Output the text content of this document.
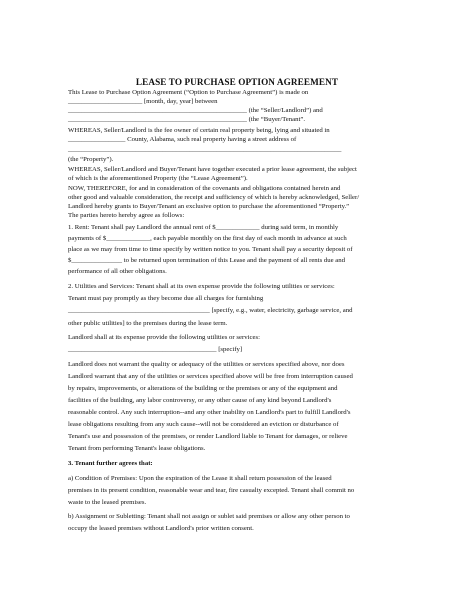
LEASE TO PURCHASE OPTION AGREEMENT
This Lease to Purchase Option Agreement (“Option to Purchase Agreement”) is made on
______________________ [month, day, year] between
_____________________________________________________ (the “Seller/Landlord”) and
_____________________________________________________ (the “Buyer/Tenant”.
WHEREAS, Seller/Landlord is the fee owner of certain real property being, lying and situated in
_________________ County, Alabama, such real property having a street address of
_________________________________________________________________________________
(the “Property”).
WHEREAS, Seller/Landlord and Buyer/Tenant have together executed a prior lease agreement, the subject
of which is the aforementioned Property (the “Lease Agreement”).
NOW, THEREFORE, for and in consideration of the covenants and obligations contained herein and
other good and valuable consideration, the receipt and sufficiency of which is hereby acknowledged, Seller/
Landlord hereby grants to Buyer/Tenant an exclusive option to purchase the aforementioned “Property.”
The parties hereto hereby agree as follows:
1. Rent: Tenant shall pay Landlord the annual rent of $_____________ during said term, in monthly
payments of $_____________, each payable monthly on the first day of each month in advance at such
place as we may from time to time specify by written notice to you. Tenant shall pay a security deposit of
$_______________ to be returned upon termination of this Lease and the payment of all rents due and
performance of all other obligations.
2. Utilities and Services: Tenant shall at its own expense provide the following utilities or services:
Tenant must pay promptly as they become due all charges for furnishing
__________________________________________ [specify, e.g., water, electricity, garbage service, and
other public utilities] to the premises during the lease term.
Landlord shall at its expense provide the following utilities or services:
____________________________________________ [specify]
Landlord does not warrant the quality or adequacy of the utilities or services specified above, nor does
Landlord warrant that any of the utilities or services specified above will be free from interruption caused
by repairs, improvements, or alterations of the building or the premises or any of the equipment and
facilities of the building, any labor controversy, or any other cause of any kind beyond Landlord's
reasonable control. Any such interruption--and any other inability on Landlord's part to fulfill Landlord's
lease obligations resulting from any such cause--will not be considered an eviction or disturbance of
Tenant's use and possession of the premises, or render Landlord liable to Tenant for damages, or relieve
Tenant from performing Tenant's lease obligations.
3. Tenant further agrees that:
a) Condition of Premises: Upon the expiration of the Lease it shall return possession of the leased
premises in its present condition, reasonable wear and tear, fire casualty excepted. Tenant shall commit no
waste to the leased premises.
b) Assignment or Subletting: Tenant shall not assign or sublet said premises or allow any other person to
occupy the leased premises without Landlord's prior written consent.
